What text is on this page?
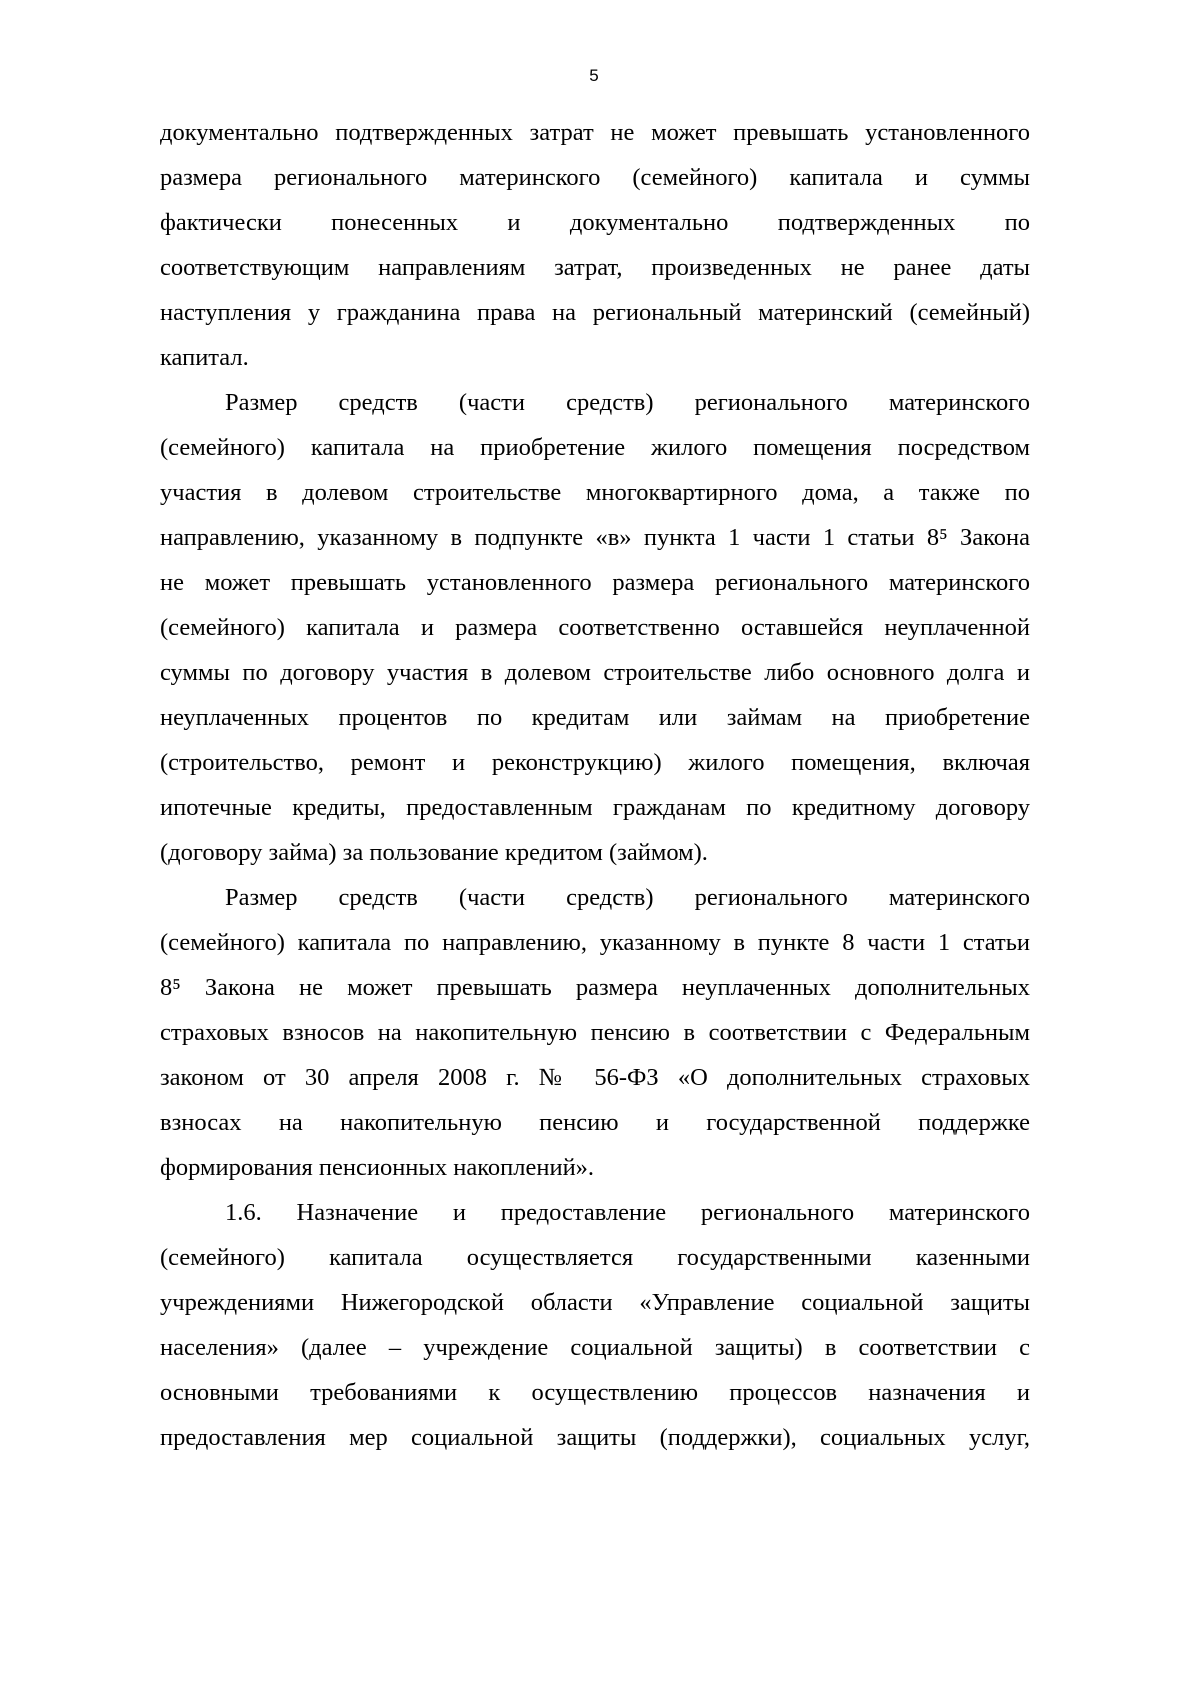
5
документально подтвержденных затрат не может превышать установленного
размера регионального материнского (семейного) капитала и суммы
фактически понесенных и документально подтвержденных по
соответствующим направлениям затрат, произведенных не ранее даты
наступления у гражданина права на региональный материнский (семейный)
капитал.
Размер средств (части средств) регионального материнского
(семейного) капитала на приобретение жилого помещения посредством
участия в долевом строительстве многоквартирного дома, а также по
направлению, указанному в подпункте «в» пункта 1 части 1 статьи 8⁵ Закона
не может превышать установленного размера регионального материнского
(семейного) капитала и размера соответственно оставшейся неуплаченной
суммы по договору участия в долевом строительстве либо основного долга и
неуплаченных процентов по кредитам или займам на приобретение
(строительство, ремонт и реконструкцию) жилого помещения, включая
ипотечные кредиты, предоставленным гражданам по кредитному договору
(договору займа) за пользование кредитом (займом).
Размер средств (части средств) регионального материнского
(семейного) капитала по направлению, указанному в пункте 8 части 1 статьи
8⁵ Закона не может превышать размера неуплаченных дополнительных
страховых взносов на накопительную пенсию в соответствии с Федеральным
законом от 30 апреля 2008 г. № 56-ФЗ «О дополнительных страховых
взносах на накопительную пенсию и государственной поддержке
формирования пенсионных накоплений».
1.6. Назначение и предоставление регионального материнского
(семейного) капитала осуществляется государственными казенными
учреждениями Нижегородской области «Управление социальной защиты
населения» (далее – учреждение социальной защиты) в соответствии с
основными требованиями к осуществлению процессов назначения и
предоставления мер социальной защиты (поддержки), социальных услуг,
